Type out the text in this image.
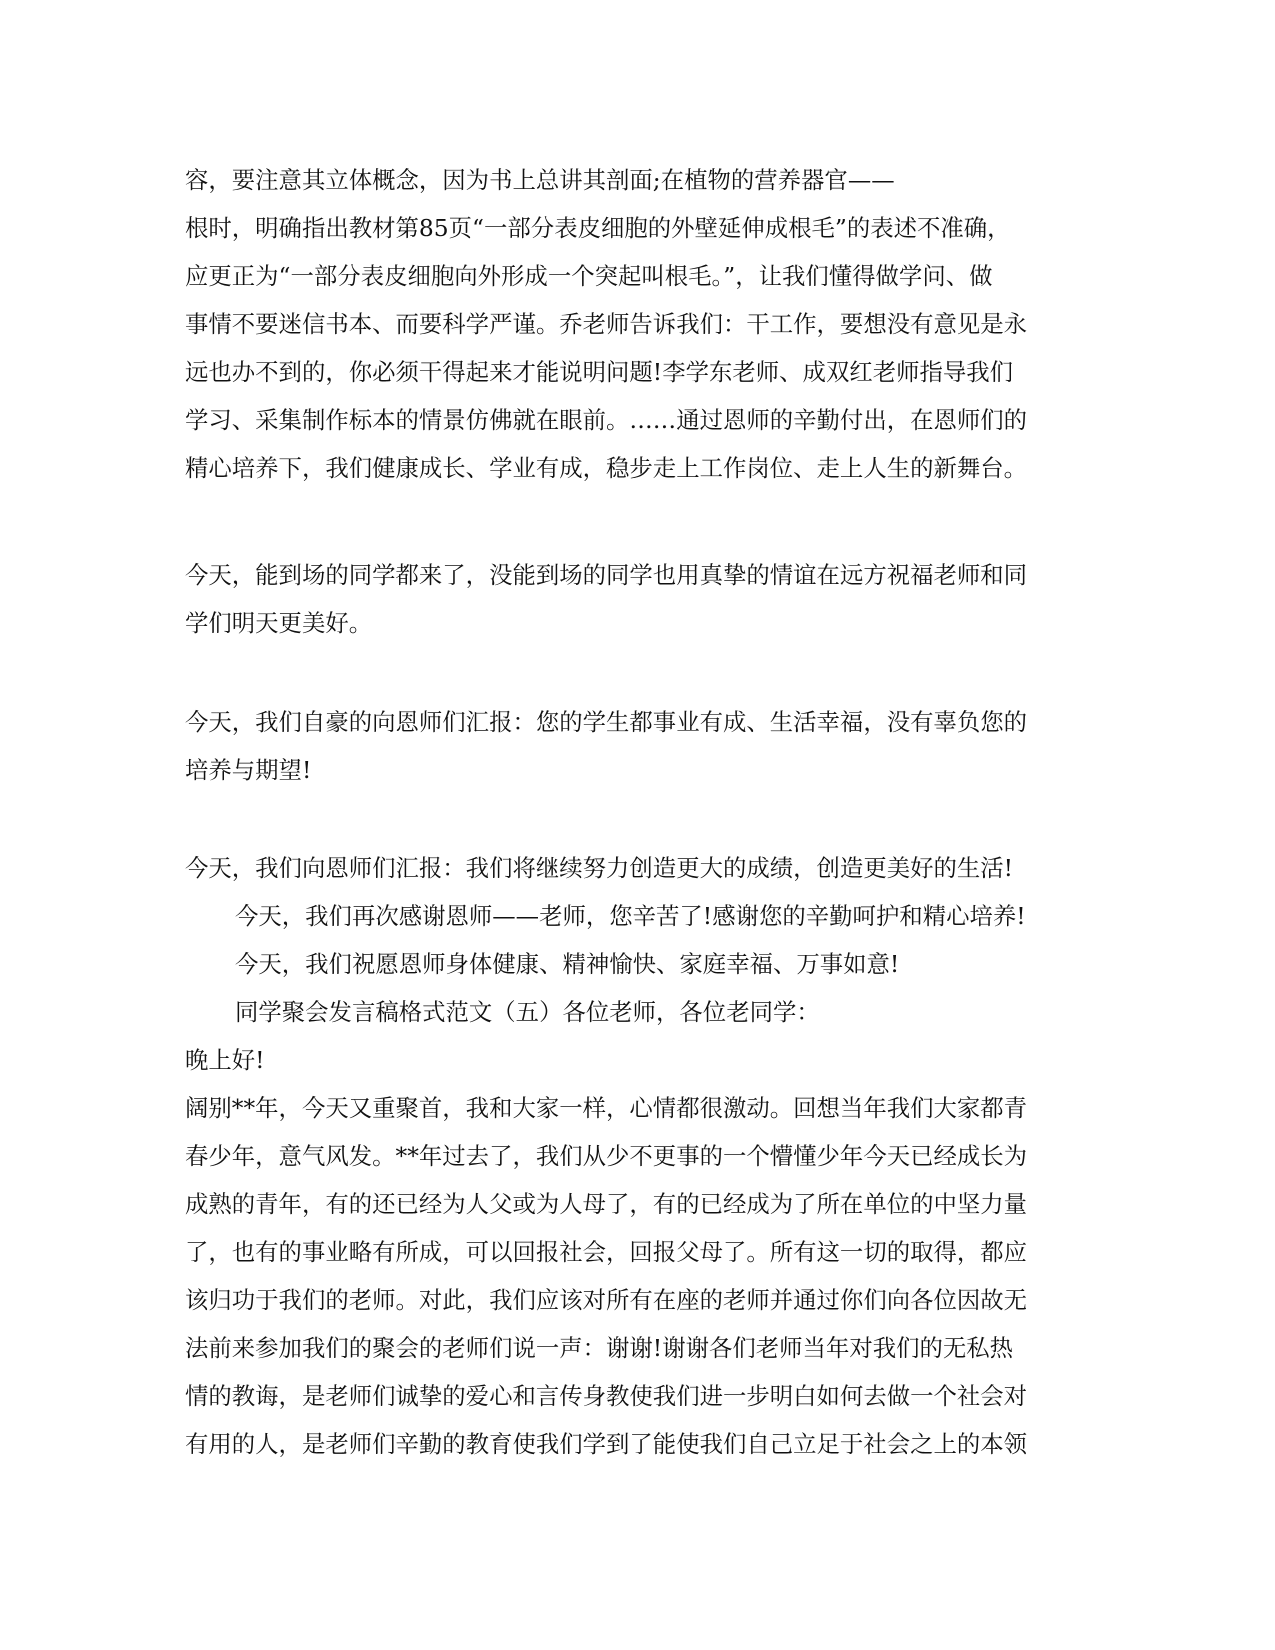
容，要注意其立体概念，因为书上总讲其剖面;在植物的营养器官——
根时，明确指出教材第85页“一部分表皮细胞的外壁延伸成根毛”的表述不准确，
应更正为“一部分表皮细胞向外形成一个突起叫根毛。”，让我们懂得做学问、做
事情不要迷信书本、而要科学严谨。乔老师告诉我们：干工作，要想没有意见是永
远也办不到的，你必须干得起来才能说明问题!李学东老师、成双红老师指导我们
学习、采集制作标本的情景仿佛就在眼前。……通过恩师的辛勤付出，在恩师们的
精心培养下，我们健康成长、学业有成，稳步走上工作岗位、走上人生的新舞台。
今天，能到场的同学都来了，没能到场的同学也用真挚的情谊在远方祝福老师和同
学们明天更美好。
今天，我们自豪的向恩师们汇报：您的学生都事业有成、生活幸福，没有辜负您的
培养与期望!
今天，我们向恩师们汇报：我们将继续努力创造更大的成绩，创造更美好的生活!
今天，我们再次感谢恩师——老师，您辛苦了!感谢您的辛勤呵护和精心培养!
今天，我们祝愿恩师身体健康、精神愉快、家庭幸福、万事如意!
同学聚会发言稿格式范文（五）各位老师，各位老同学：
晚上好!
阔别**年，今天又重聚首，我和大家一样，心情都很激动。回想当年我们大家都青
春少年，意气风发。**年过去了，我们从少不更事的一个懵懂少年今天已经成长为
成熟的青年，有的还已经为人父或为人母了，有的已经成为了所在单位的中坚力量
了，也有的事业略有所成，可以回报社会，回报父母了。所有这一切的取得，都应
该归功于我们的老师。对此，我们应该对所有在座的老师并通过你们向各位因故无
法前来参加我们的聚会的老师们说一声：谢谢!谢谢各们老师当年对我们的无私热
情的教诲，是老师们诚挚的爱心和言传身教使我们进一步明白如何去做一个社会对
有用的人，是老师们辛勤的教育使我们学到了能使我们自己立足于社会之上的本领
